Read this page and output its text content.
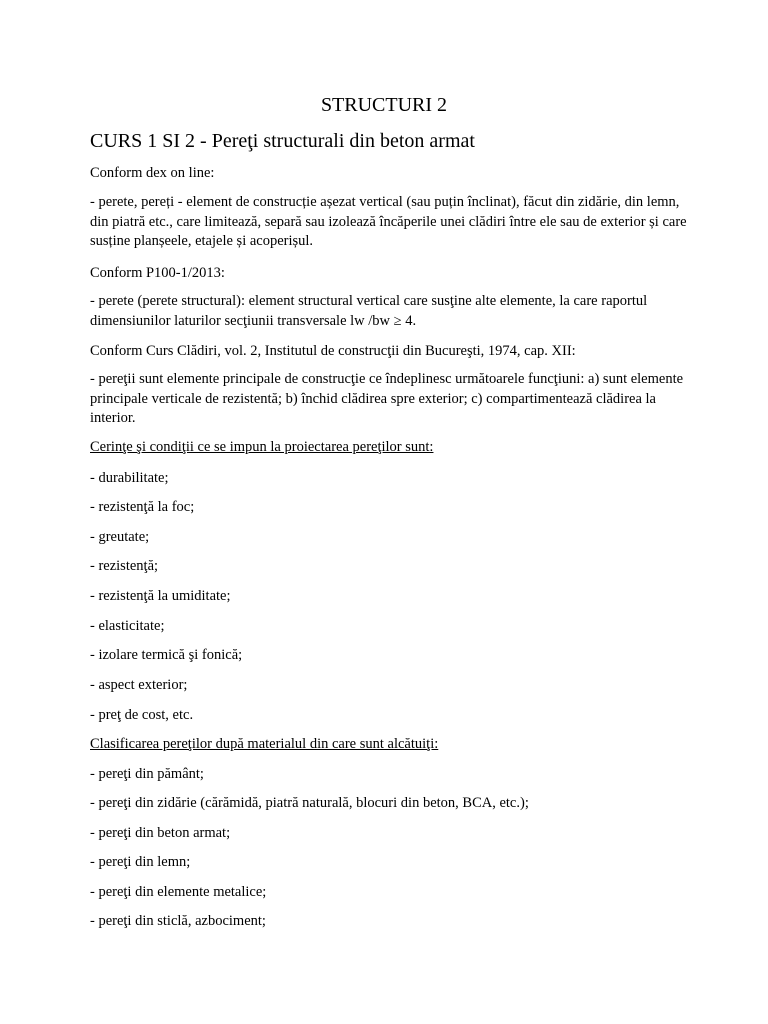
STRUCTURI 2
CURS 1 SI 2 - Pereţi structurali din beton armat
Conform dex on line:
- perete, pereți - element de construcție așezat vertical (sau puțin înclinat), făcut din zidărie, din lemn, din piatră etc., care limitează, separă sau izolează încăperile unei clădiri între ele sau de exterior și care susține planșeele, etajele și acoperișul.
Conform P100-1/2013:
- perete (perete structural): element structural vertical care susţine alte elemente, la care raportul dimensiunilor laturilor secţiunii transversale lw /bw ≥ 4.
Conform Curs Clădiri, vol. 2, Institutul de construcţii din Bucureşti, 1974, cap. XII:
- pereţii sunt elemente principale de construcţie ce îndeplinesc următoarele funcţiuni: a) sunt elemente principale verticale de rezistentă; b) închid clădirea spre exterior; c) compartimentează clădirea la interior.
Cerinţe şi condiţii ce se impun la proiectarea pereţilor sunt:
- durabilitate;
- rezistenţă la foc;
- greutate;
- rezistenţă;
- rezistenţă la umiditate;
- elasticitate;
- izolare termică şi fonică;
- aspect exterior;
- preţ de cost, etc.
Clasificarea pereţilor după materialul din care sunt alcătuiţi:
- pereţi din pământ;
- pereţi din zidărie (cărămidă, piatră naturală, blocuri din beton, BCA, etc.);
- pereţi din beton armat;
- pereţi din lemn;
- pereţi din elemente metalice;
- pereţi din sticlă, azbociment;
